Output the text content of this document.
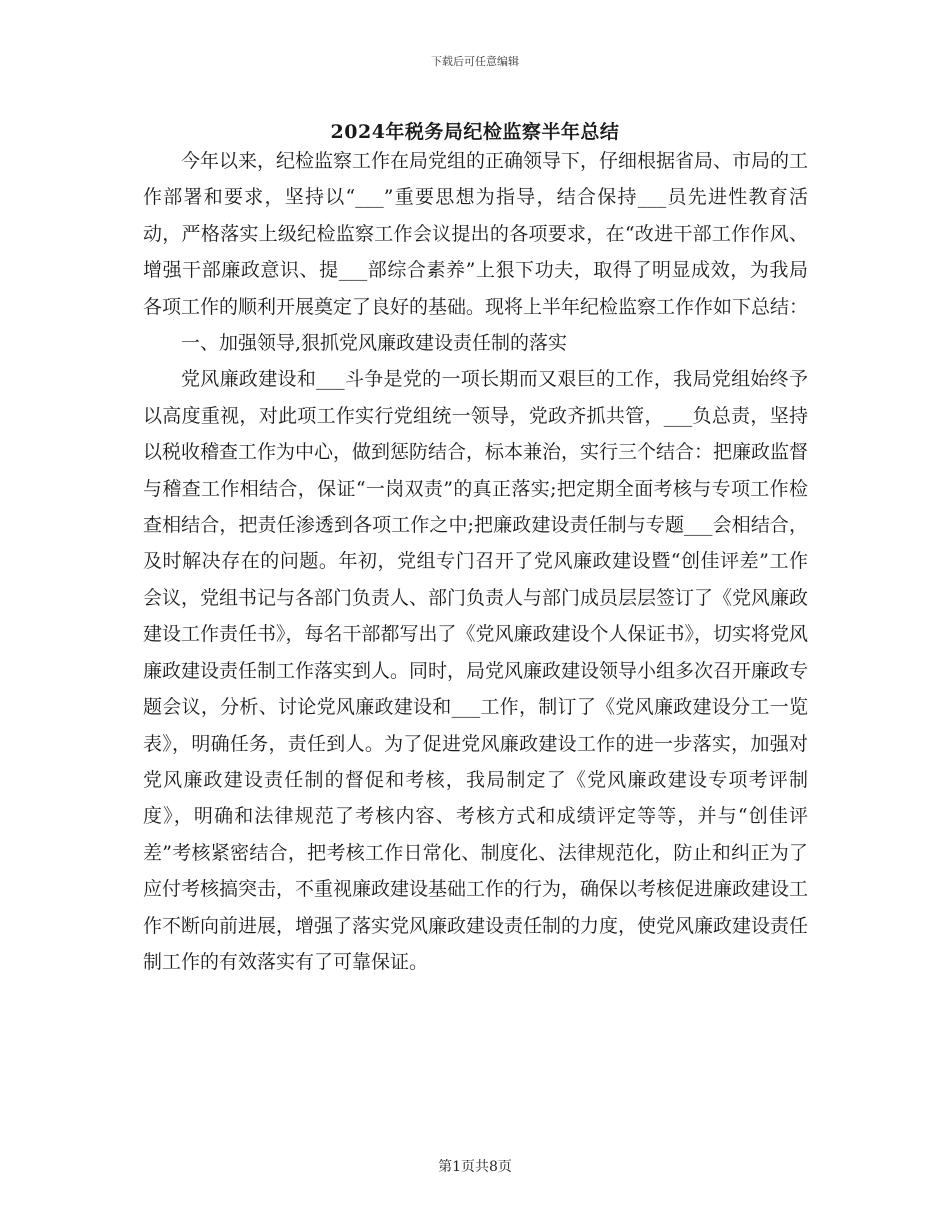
下载后可任意编辑
2024年税务局纪检监察半年总结

今年以来，纪检监察工作在局党组的正确领导下，仔细根据省局、市局的工作部署和要求，坚持以“___”重要思想为指导，结合保持___员先进性教育活动，严格落实上级纪检监察工作会议提出的各项要求，在“改进干部工作作风、增强干部廉政意识、提___部综合素养”上狠下功夫，取得了明显成效，为我局各项工作的顺利开展奠定了良好的基础。现将上半年纪检监察工作作如下总结：

一、加强领导,狠抓党风廉政建设责任制的落实

党风廉政建设和___斗争是党的一项长期而又艰巨的工作，我局党组始终予以高度重视，对此项工作实行党组统一领导，党政齐抓共管，___负总责，坚持以税收稽查工作为中心，做到惩防结合，标本兼治，实行三个结合：把廉政监督与稽查工作相结合，保证“一岗双责”的真正落实;把定期全面考核与专项工作检查相结合，把责任渗透到各项工作之中;把廉政建设责任制与专题___会相结合，及时解决存在的问题。年初，党组专门召开了党风廉政建设暨“创佳评差”工作会议，党组书记与各部门负责人、部门负责人与部门成员层层签订了《党风廉政建设工作责任书》，每名干部都写出了《党风廉政建设个人保证书》，切实将党风廉政建设责任制工作落实到人。同时，局党风廉政建设领导小组多次召开廉政专题会议，分析、讨论党风廉政建设和___工作，制订了《党风廉政建设分工一览表》，明确任务，责任到人。为了促进党风廉政建设工作的进一步落实，加强对党风廉政建设责任制的督促和考核，我局制定了《党风廉政建设专项考评制度》，明确和法律规范了考核内容、考核方式和成绩评定等等，并与“创佳评差”考核紧密结合，把考核工作日常化、制度化、法律规范化，防止和纠正为了应付考核搞突击，不重视廉政建设基础工作的行为，确保以考核促进廉政建设工作不断向前进展，增强了落实党风廉政建设责任制的力度，使党风廉政建设责任制工作的有效落实有了可靠保证。

第1页共8页
